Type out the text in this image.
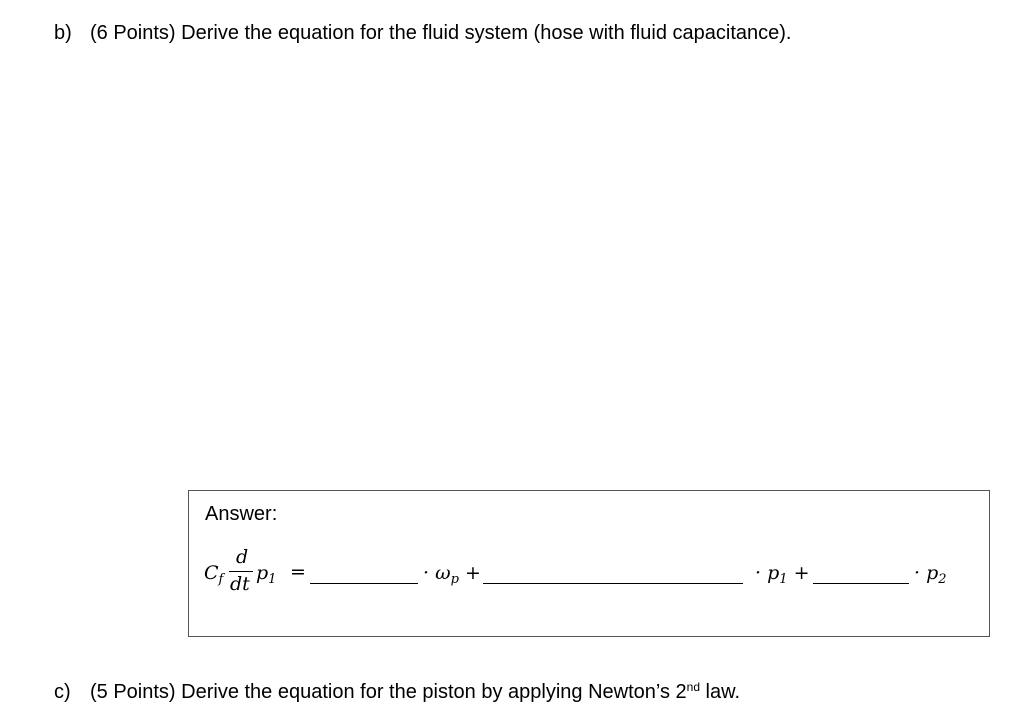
b) (6 Points) Derive the equation for the fluid system (hose with fluid capacitance).
Answer:
$C_f$
d
dt $p_1$ =	· $\omega_p$ +	· $p_1$ +	· $p_2$
c) (5 Points) Derive the equation for the piston by applying Newton’s 2nd law.
